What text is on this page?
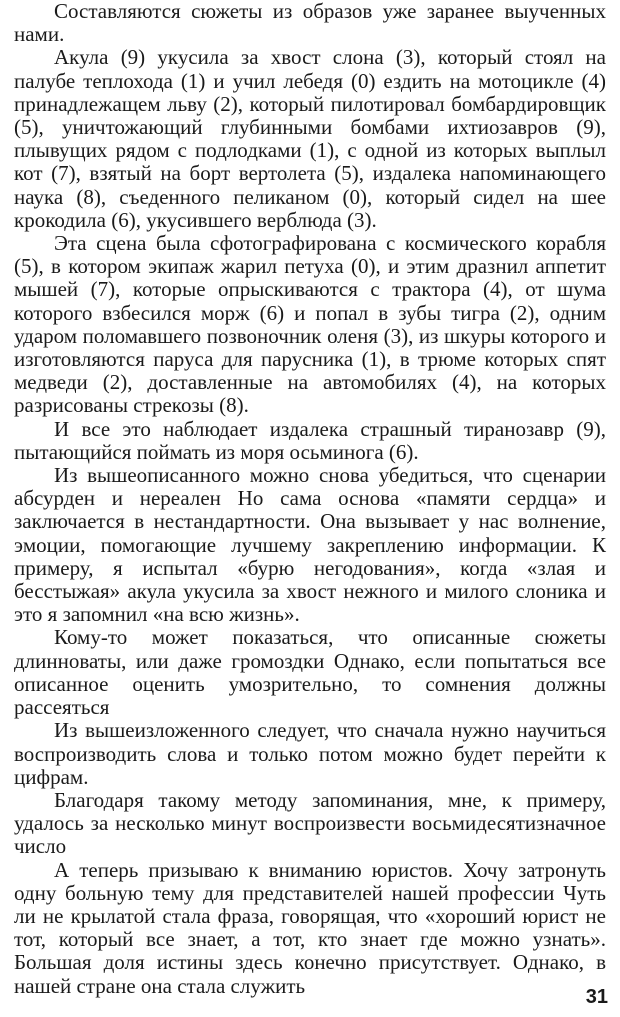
Составляются сюжеты из образов уже заранее выученных нами.

Акула (9) укусила за хвост слона (3), который стоял на палубе теплохода (1) и учил лебедя (0) ездить на мотоцикле (4) принадлежащем льву (2), который пилотировал бомбардировщик (5), уничтожающий глубинными бомбами ихтиозавров (9), плывущих рядом с подлодками (1), с одной из которых выплыл кот (7), взятый на борт вертолета (5), издалека напоминающего наука (8), съеденного пеликаном (0), который сидел на шее крокодила (6), укусившего верблюда (3).

Эта сцена была сфотографирована с космического корабля (5), в котором экипаж жарил петуха (0), и этим дразнил аппетит мышей (7), которые опрыскиваются с трактора (4), от шума которого взбесился морж (6) и попал в зубы тигра (2), одним ударом поломавшего позвоночник оленя (3), из шкуры которого и изготовляются паруса для парусника (1), в трюме которых спят медведи (2), доставленные на автомобилях (4), на которых разрисованы стрекозы (8).

И все это наблюдает издалека страшный тиранозавр (9), пытающийся поймать из моря осьминога (6).

Из вышеописанного можно снова убедиться, что сценарии абсурден и нереален Но сама основа «памяти сердца» и заключается в нестандартности. Она вызывает у нас волнение, эмоции, помогающие лучшему закреплению информации. К примеру, я испытал «бурю негодования», когда «злая и бесстыжая» акула укусила за хвост нежного и милого слоника и это я запомнил «на всю жизнь».

Кому-то может показаться, что описанные сюжеты длинноваты, или даже громоздки Однако, если попытаться все описанное оценить умозрительно, то сомнения должны рассеяться

Из вышеизложенного следует, что сначала нужно научиться воспроизводить слова и только потом можно будет перейти к цифрам.

Благодаря такому методу запоминания, мне, к примеру, удалось за несколько минут воспроизвести восьмидесятизначное число

А теперь призываю к вниманию юристов. Хочу затронуть одну больную тему для представителей нашей профессии Чуть ли не крылатой стала фраза, говорящая, что «хороший юрист не тот, который все знает, а тот, кто знает где можно узнать». Большая доля истины здесь конечно присутствует. Однако, в нашей стране она стала служить	31
